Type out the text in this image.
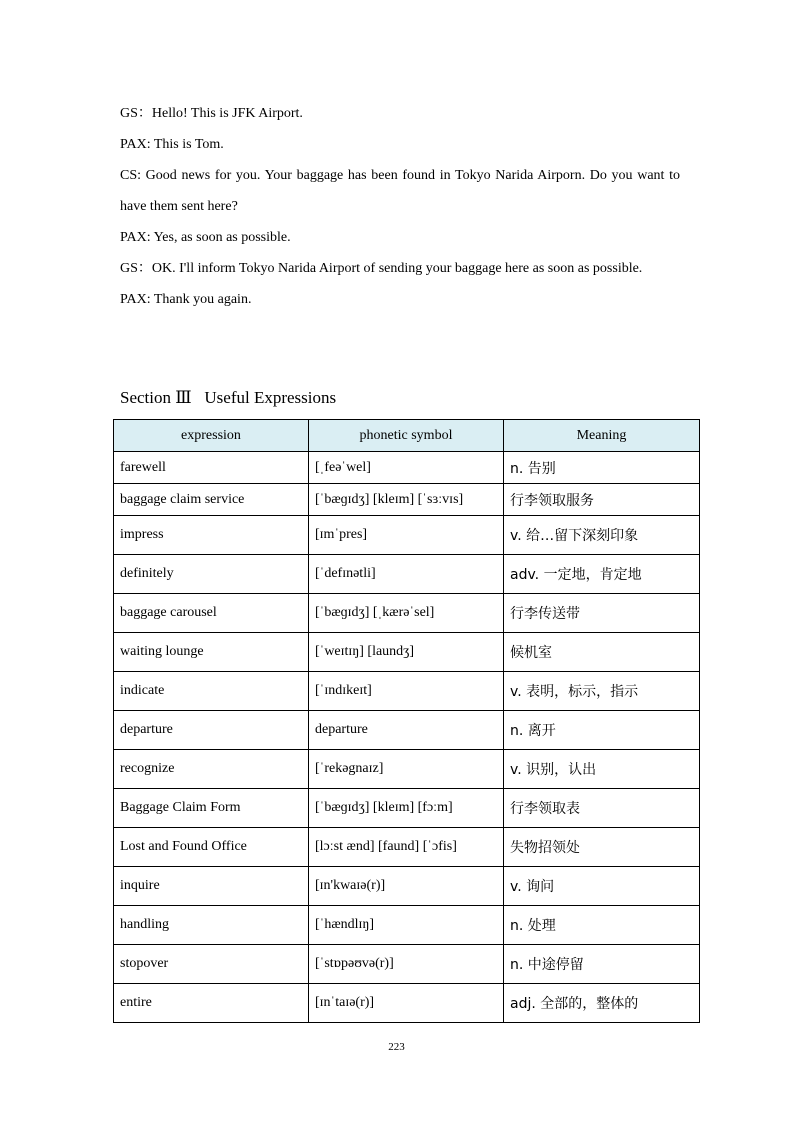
GS：Hello! This is JFK Airport.

PAX: This is Tom.

CS: Good news for you. Your baggage has been found in Tokyo Narida Airporn. Do you want to have them sent here?

PAX: Yes, as soon as possible.

GS：OK. I'll inform Tokyo Narida Airport of sending your baggage here as soon as possible.

PAX: Thank you again.

Section Ⅲ   Useful Expressions
expression	phonetic symbol	Meaning
farewell	[ˌfeəˈwel]	n. 告别
baggage claim service	[ˈbæɡɪdʒ] [kleɪm] [ˈsɜːvɪs]	行李领取服务
impress	[ɪmˈpres]	v. 给…留下深刻印象
definitely	[ˈdefɪnətli]	adv. 一定地，肯定地
baggage carousel	[ˈbæɡɪdʒ] [ˌkærəˈsel]	行李传送带
waiting lounge	[ˈweɪtɪŋ] [laundʒ]	候机室
indicate	[ˈɪndɪkeɪt]	v. 表明，标示，指示
departure	departure	n. 离开
recognize	[ˈrekəgnaɪz]	v. 识别，认出
Baggage Claim Form	[ˈbæɡɪdʒ] [kleɪm] [fɔːm]	行李领取表
Lost and Found Office	[lɔːst ænd] [faund] [ˈɔfis]	失物招领处
inquire	[ɪn'kwaɪə(r)]	v. 询问
handling	[ˈhændlɪŋ]	n. 处理
stopover	[ˈstɒpəʊvə(r)]	n. 中途停留
entire	[ɪnˈtaɪə(r)]	adj. 全部的，整体的
223
